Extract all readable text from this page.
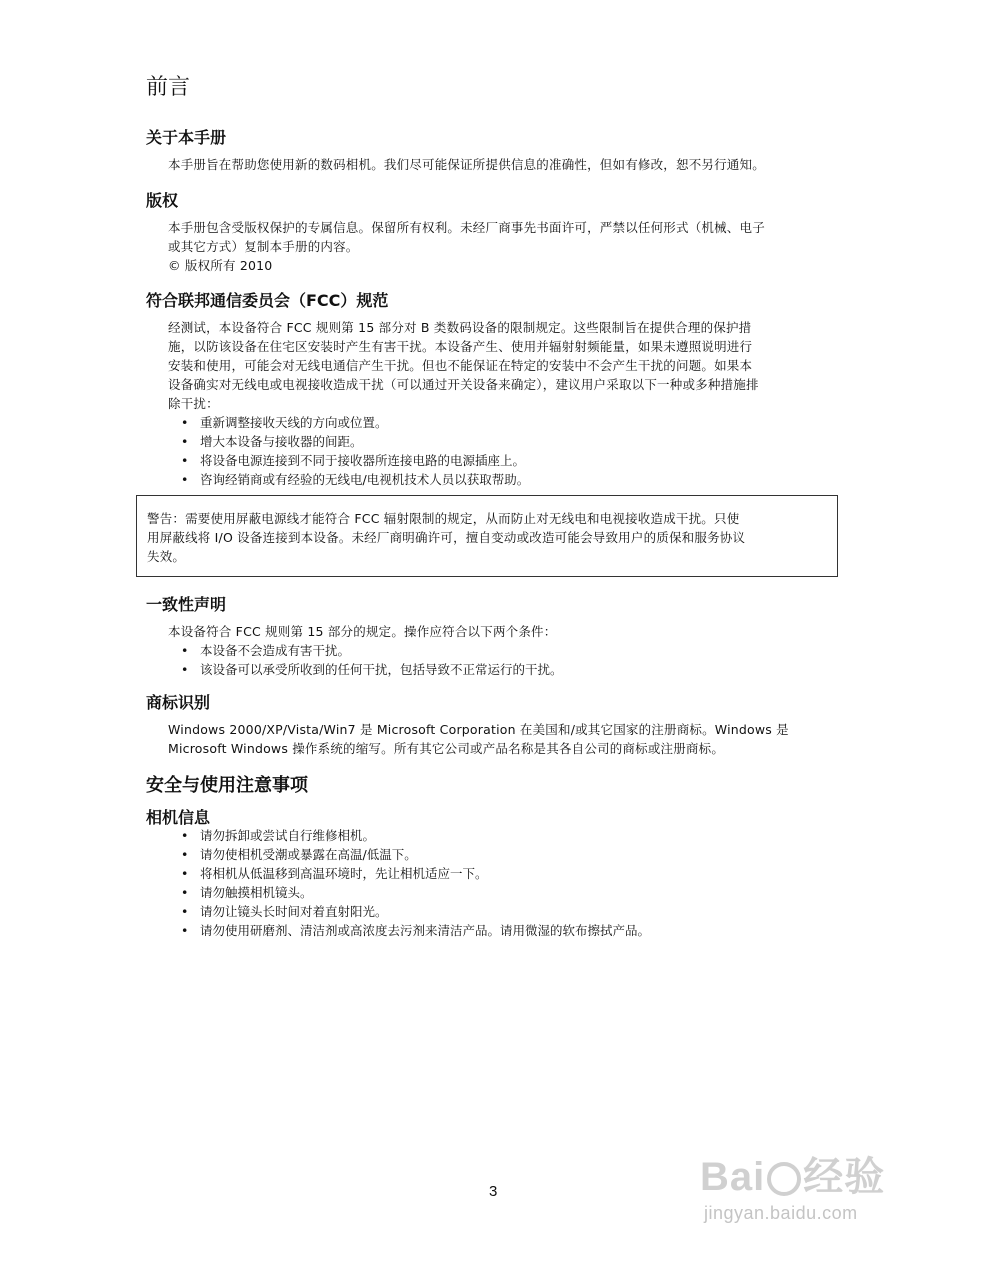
前言
关于本手册

本手册旨在帮助您使用新的数码相机。我们尽可能保证所提供信息的准确性，但如有修改，恕不另行通知。

版权

本手册包含受版权保护的专属信息。保留所有权利。未经厂商事先书面许可，严禁以任何形式（机械、电子

或其它方式）复制本手册的内容。

© 版权所有 2010

符合联邦通信委员会（FCC）规范

经测试，本设备符合 FCC 规则第 15 部分对 B 类数码设备的限制规定。这些限制旨在提供合理的保护措

施，以防该设备在住宅区安装时产生有害干扰。本设备产生、使用并辐射射频能量，如果未遵照说明进行

安装和使用，可能会对无线电通信产生干扰。但也不能保证在特定的安装中不会产生干扰的问题。如果本

设备确实对无线电或电视接收造成干扰（可以通过开关设备来确定），建议用户采取以下一种或多种措施排

除干扰：

• 重新调整接收天线的方向或位置。
• 增大本设备与接收器的间距。
• 将设备电源连接到不同于接收器所连接电路的电源插座上。
• 咨询经销商或有经验的无线电/电视机技术人员以获取帮助。
警告：需要使用屏蔽电源线才能符合 FCC 辐射限制的规定，从而防止对无线电和电视接收造成干扰。只使
用屏蔽线将 I/O 设备连接到本设备。未经厂商明确许可，擅自变动或改造可能会导致用户的质保和服务协议
失效。
一致性声明

本设备符合 FCC 规则第 15 部分的规定。操作应符合以下两个条件：

• 本设备不会造成有害干扰。
• 该设备可以承受所收到的任何干扰，包括导致不正常运行的干扰。
商标识别

Windows 2000/XP/Vista/Win7 是 Microsoft Corporation 在美国和/或其它国家的注册商标。Windows 是

Microsoft Windows 操作系统的缩写。所有其它公司或产品名称是其各自公司的商标或注册商标。

安全与使用注意事项
相机信息
• 请勿拆卸或尝试自行维修相机。
• 请勿使相机受潮或暴露在高温/低温下。
• 将相机从低温移到高温环境时，先让相机适应一下。
• 请勿触摸相机镜头。
• 请勿让镜头长时间对着直射阳光。
• 请勿使用研磨剂、清洁剂或高浓度去污剂来清洁产品。请用微湿的软布擦拭产品。
3	Bai 经验
jingyan.baidu.com
